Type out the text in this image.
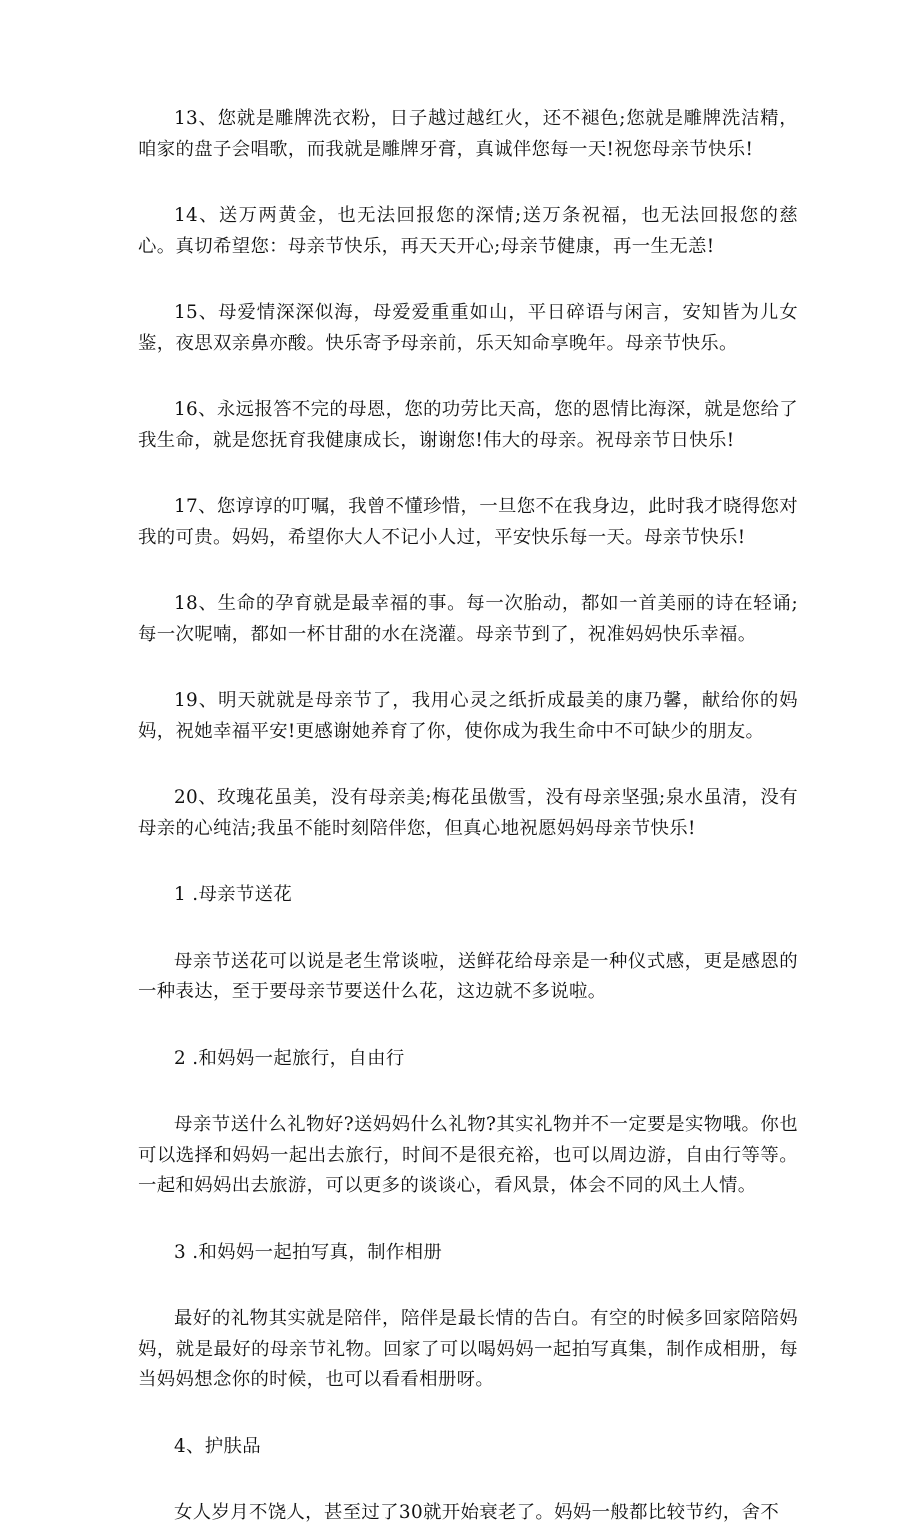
13、您就是雕牌洗衣粉，日子越过越红火，还不褪色;您就是雕牌洗洁精，咱家的盘子会唱歌，而我就是雕牌牙膏，真诚伴您每一天!祝您母亲节快乐!

14、送万两黄金，也无法回报您的深情;送万条祝福，也无法回报您的慈心。真切希望您：母亲节快乐，再天天开心;母亲节健康，再一生无恙!

15、母爱情深深似海，母爱爱重重如山，平日碎语与闲言，安知皆为儿女鉴，夜思双亲鼻亦酸。快乐寄予母亲前，乐天知命享晚年。母亲节快乐。

16、永远报答不完的母恩，您的功劳比天高，您的恩情比海深，就是您给了我生命，就是您抚育我健康成长，谢谢您!伟大的母亲。祝母亲节日快乐!

17、您谆谆的叮嘱，我曾不懂珍惜，一旦您不在我身边，此时我才晓得您对我的可贵。妈妈，希望你大人不记小人过，平安快乐每一天。母亲节快乐!

18、生命的孕育就是最幸福的事。每一次胎动，都如一首美丽的诗在轻诵;每一次呢喃，都如一杯甘甜的水在浇灌。母亲节到了，祝准妈妈快乐幸福。

19、明天就就是母亲节了，我用心灵之纸折成最美的康乃馨，献给你的妈妈，祝她幸福平安!更感谢她养育了你，使你成为我生命中不可缺少的朋友。

20、玫瑰花虽美，没有母亲美;梅花虽傲雪，没有母亲坚强;泉水虽清，没有母亲的心纯洁;我虽不能时刻陪伴您，但真心地祝愿妈妈母亲节快乐!

1 .母亲节送花

母亲节送花可以说是老生常谈啦，送鲜花给母亲是一种仪式感，更是感恩的一种表达，至于要母亲节要送什么花，这边就不多说啦。

2 .和妈妈一起旅行，自由行

母亲节送什么礼物好?送妈妈什么礼物?其实礼物并不一定要是实物哦。你也可以选择和妈妈一起出去旅行，时间不是很充裕，也可以周边游，自由行等等。一起和妈妈出去旅游，可以更多的谈谈心，看风景，体会不同的风土人情。

3 .和妈妈一起拍写真，制作相册

最好的礼物其实就是陪伴，陪伴是最长情的告白。有空的时候多回家陪陪妈妈，就是最好的母亲节礼物。回家了可以喝妈妈一起拍写真集，制作成相册，每当妈妈想念你的时候，也可以看看相册呀。

4、护肤品

女人岁月不饶人，甚至过了30就开始衰老了。妈妈一般都比较节约，舍不
